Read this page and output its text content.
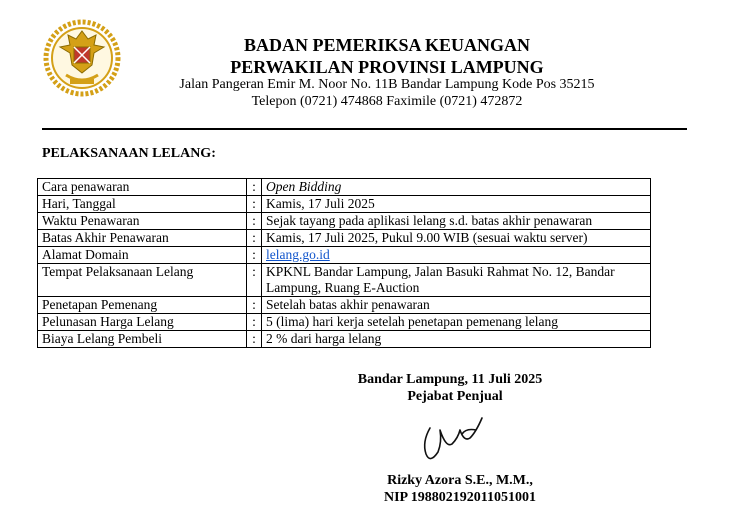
BADAN PEMERIKSA KEUANGAN
PERWAKILAN PROVINSI LAMPUNG
Jalan Pangeran Emir M. Noor No. 11B Bandar Lampung Kode Pos 35215
Telepon (0721) 474868 Faximile (0721) 472872
PELAKSANAAN LELANG:
Cara penawaran	:	Open Bidding
Hari, Tanggal	:	Kamis, 17 Juli 2025
Waktu Penawaran	:	Sejak tayang pada aplikasi lelang s.d. batas akhir penawaran
Batas Akhir Penawaran	:	Kamis, 17 Juli 2025, Pukul 9.00 WIB (sesuai waktu server)
Alamat Domain	:	lelang.go.id
Tempat Pelaksanaan Lelang	:	KPKNL Bandar Lampung, Jalan Basuki Rahmat No. 12, Bandar Lampung, Ruang E-Auction
Penetapan Pemenang	:	Setelah batas akhir penawaran
Pelunasan Harga Lelang	:	5 (lima) hari kerja setelah penetapan pemenang lelang
Biaya Lelang Pembeli	:	2 % dari harga lelang
Bandar Lampung, 11 Juli 2025
Pejabat Penjual
Rizky Azora S.E., M.M.,
NIP 198802192011051001
